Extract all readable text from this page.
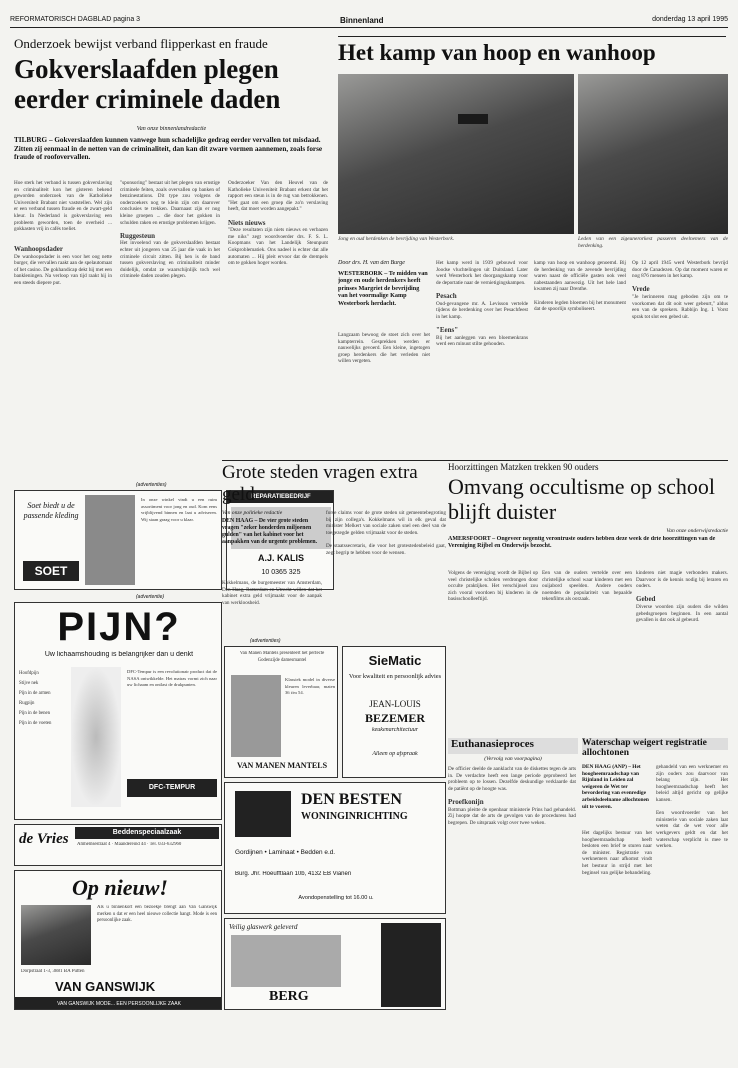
REFORMATORISCH DAGBLAD pagina 3	Binnenland	donderdag 13 april 1995
Onderzoek bewijst verband flipperkast en fraude
Gokverslaafden plegen eerder criminele daden
Van onze binnenlandredactie
TILBURG – Gokverslaafden kunnen vanwege hun schadelijke gedrag eerder vervallen tot misdaad. Zitten zij eenmaal in de netten van de criminaliteit, dan kan dit zware vormen aannemen, zoals forse fraude of roofovervallen.
Hoe sterk het verband is tussen gokverslaving en criminaliteit kon het gisteren bekend geworden onderzoek van de Katholieke Universiteit Brabant niet vaststellen. Wel zijn er een verband tussen fraude en de zwart-geld kleur. In Nederland is gokverslaving een probleem geworden, toen de overheid ... gokkasten vrij in cafés toeliet.

Wanhoopsdader
De wanhoopsdader is een voor het oog nette burger, die vervallen raakt aan de spelautomaat of het casino. De gokhandicap dekt hij met een bankleningen. Na verloop van tijd raakt hij in een steeds diepere put.
"sponsoring" bestaat uit het plegen van ernstige criminele feiten, zoals overvallen op banken of benzinestations. Dit type zou volgens de onderzoekers nog te klein zijn om daarover conclusies te trekken. Daarnaast zijn er nog kleine groepen ... die door het gokken in schulden raken en ernstige problemen krijgen.

Ruggesteun
Het invoelend van de gokverslaafden bestaat echter uit jongeren van 25 jaar die vaak in het criminele circuit zitten. Bij hen is de band tussen gokverslaving en criminaliteit minder duidelijk, omdat ze waarschijnlijk toch wel criminele daden zouden plegen.
Onderzoeker Van den Heuvel van de Katholieke Universiteit Brabant erkent dat het rapport een steun is in de rug van betrokkenen. "Het gaat om een groep die zo'n verslaving heeft, dat moet worden aangepakt."

Niets nieuws
"Deze resultaten zijn niets nieuws en verbazen me niks" zegt woordvoerder drs. F. S. L. Koopmans van het Landelijk Steunpunt Gokproblematiek. Ons nadeel is echter dat alle automaten ... Hij pleit ervoor dat de drempels om te gokken hoger worden.
(advertenties)
Soet biedt u de passende kleding
In onze winkel vindt u een ruim assortiment voor jong en oud. Kom eens vrijblijvend binnen en laat u adviseren. Wij staan graag voor u klaar.
SOET
REPARATIEBEDRIJF
A.J. KALIS
10 0365 325
(advertentie)
PIJN?
Uw lichaamshouding is belangrijker dan u denkt
Hoofdpijn
Stijve nek
Pijn in de armen
Rugpijn
Pijn in de benen
Pijn in de voeten
DFC-Tempur is een revolutionair product dat de NASA ontwikkelde. Het matras vormt zich naar uw lichaam en ontlast de drukpunten.
DFC-TEMPUR
Beddenspeciaalzaak
de Vries	Amhemsestraat 4 · Maandereind 44 · Tel. 033-632960
Op nieuw!
Als u binnenkort een bezoekje brengt aan Van Ganswijk merken u dat er een heel nieuwe collectie hangt. Mode is een persoonlijke zaak.
Dorpstraat 1-3, 3881 BA Putten
VAN GANSWIJK
VAN GANSWIJK MODE... EEN PERSOONLIJKE ZAAK
Het kamp van hoop en wanhoop
Jong en oud herdenken de bevrijding van Westerbork.	Leden van een zigeunerorkest passeren deelnemers van de herdenking.
Door drs. H. van den Burge
WESTERBORK – Te midden van jonge en oude herdenkers heeft prinses Margriet de bevrijding van het voormalige Kamp Westerbork herdacht.
Langzaam bewoog de stoet zich over het kampterrein. Gesprekken werden er nauwelijks gevoerd. Een kleine, ingetogen groep herdenkers die het verleden niet willen vergeten.
Het kamp werd in 1939 gebouwd voor Joodse vluchtelingen uit Duitsland. Later werd Westerbork het doorgangskamp voor de deportatie naar de vernietigingskampen.

Pesach
Oud-gevangene mr. A. Levisson vertelde tijdens de herdenking over het Pesachfeest in het kamp.

"Eens"
Bij het aanleggen van een bloemenkrans werd een minuut stilte gehouden.
kamp van hoop en wanhoop genoemd. Bij de herdenking van de zevende bevrijding waren naast de officiële gasten ook veel nabestaanden aanwezig. Uit het hele land kwamen zij naar Drenthe.

Kinderen legden bloemen bij het monument dat de spoorlijn symboliseert.
Op 12 april 1945 werd Westerbork bevrijd door de Canadezen. Op dat moment waren er nog 876 mensen in het kamp.

Vrede
"Je herinneren mag geboden zijn om te voorkomen dat dit ooit weer gebeurt," aldus een van de sprekers. Rabbijn Ing. I. Vorst sprak tot slot een gebed uit.
Grote steden vragen extra geld
Van onze politieke redactie
DEN HAAG – De vier grote steden vragen "zeker honderden miljoenen gulden" van het kabinet voor het aanpakken van de urgente problemen.
Kokkelmans, de burgemeester van Amsterdam, Den Haag, Rotterdam en Utrecht willen dat het kabinet extra geld vrijmaakt voor de aanpak van werkloosheid.
forse claims voor de grote steden uit gemeentebegroting bij zijn collega's. Kokkelmans wil in elk geval dat minister Melkert van sociale zaken snel een deel van de toegezegde gelden vrijmaakt voor de steden.

De staatssecretaris, die voor het grotestedenbeleid gaat, zegt begrip te hebben voor de wensen.
Hoorzittingen Matzken trekken 90 ouders
Omvang occultisme op school blijft duister
Van onze onderwijsredactie
AMERSFOORT – Ongeveer negentig verontruste ouders hebben deze week de drie hoorzittingen van de Vereniging Rijbel en Onderwijs bezocht.
Volgens de vereniging wordt de Bijbel op veel christelijke scholen verdrongen door occulte praktijken. Het verschijnsel zou zich vooral voordoen bij kinderen in de basisschoolleeftijd.
Een van de ouders vertelde over een christelijke school waar kinderen met een ouijabord speelden. Andere ouders noemden de populariteit van bepaalde tekenfilms als oorzaak.
kinderen niet magie verbonden makers. Daarvoor is de kennis nodig bij leraren en ouders.

Gebed
Diverse woorden zijn ouders die wilden gebedsgroepen beginnen. In een aantal gevallen is dat ook al gebeurd.
(advertenties)
Van Manen Mantels presenteert het perfecte Godenzijde damesmantel
Klassiek model in diverse kleuren leverbaar, maten 36 t/m 54.
VAN MANEN MANTELS
SieMatic
Voor kwaliteit en persoonlijk advies
JEAN-LOUIS
BEZEMER
keukenarchitectuur
Alleen op afspraak
DEN BESTEN
WONINGINRICHTING
Gordijnen • Laminaat • Bedden e.d.
Burg. Jhr. Hoeufftlaan 10b, 4132 EB Vianen
Avondopenstelling tot 16.00 u.
Veilig glaswerk geleverd
BERG
Euthanasieproces
(Vervolg van voorpagina)
De officier deelde de aanklacht van de diskettes tegen de arts in. De verdachte heeft een lange periode geprobeerd het probleem op te lossen. Dezelfde deskundige verklaarde dat de patiënt op de hoogte was.

Proefkonijn
Bottman pleitte de openbaar ministerie Prins had gehandeld. Zij hoopte dat de arts de gevolgen van de proceduress had begrepen. De uitspraak volgt over twee weken.
Waterschap weigert registratie allochtonen
DEN HAAG (ANP) – Het hoogheemraadschap van Rijnland in Leiden zal weigeren de Wet ter bevordering van evenredige arbeidsdeelname allochtonen uit te voeren.
Het dagelijks bestuur van het hoogheemraadschap heeft besloten een brief te sturen naar de minister. Registratie van werknemers naar afkomst vindt het bestuur in strijd met het beginsel van gelijke behandeling.
gehandeld van een werknemer en zijn ouders zou daarvoor van belang zijn. Het hoogheemraadschap heeft het beleid altijd gericht op gelijke kansen.

Een woordvoerder van het ministerie van sociale zaken laat weten dat de wet voor alle werkgevers geldt en dat het waterschap verplicht is mee te werken.
